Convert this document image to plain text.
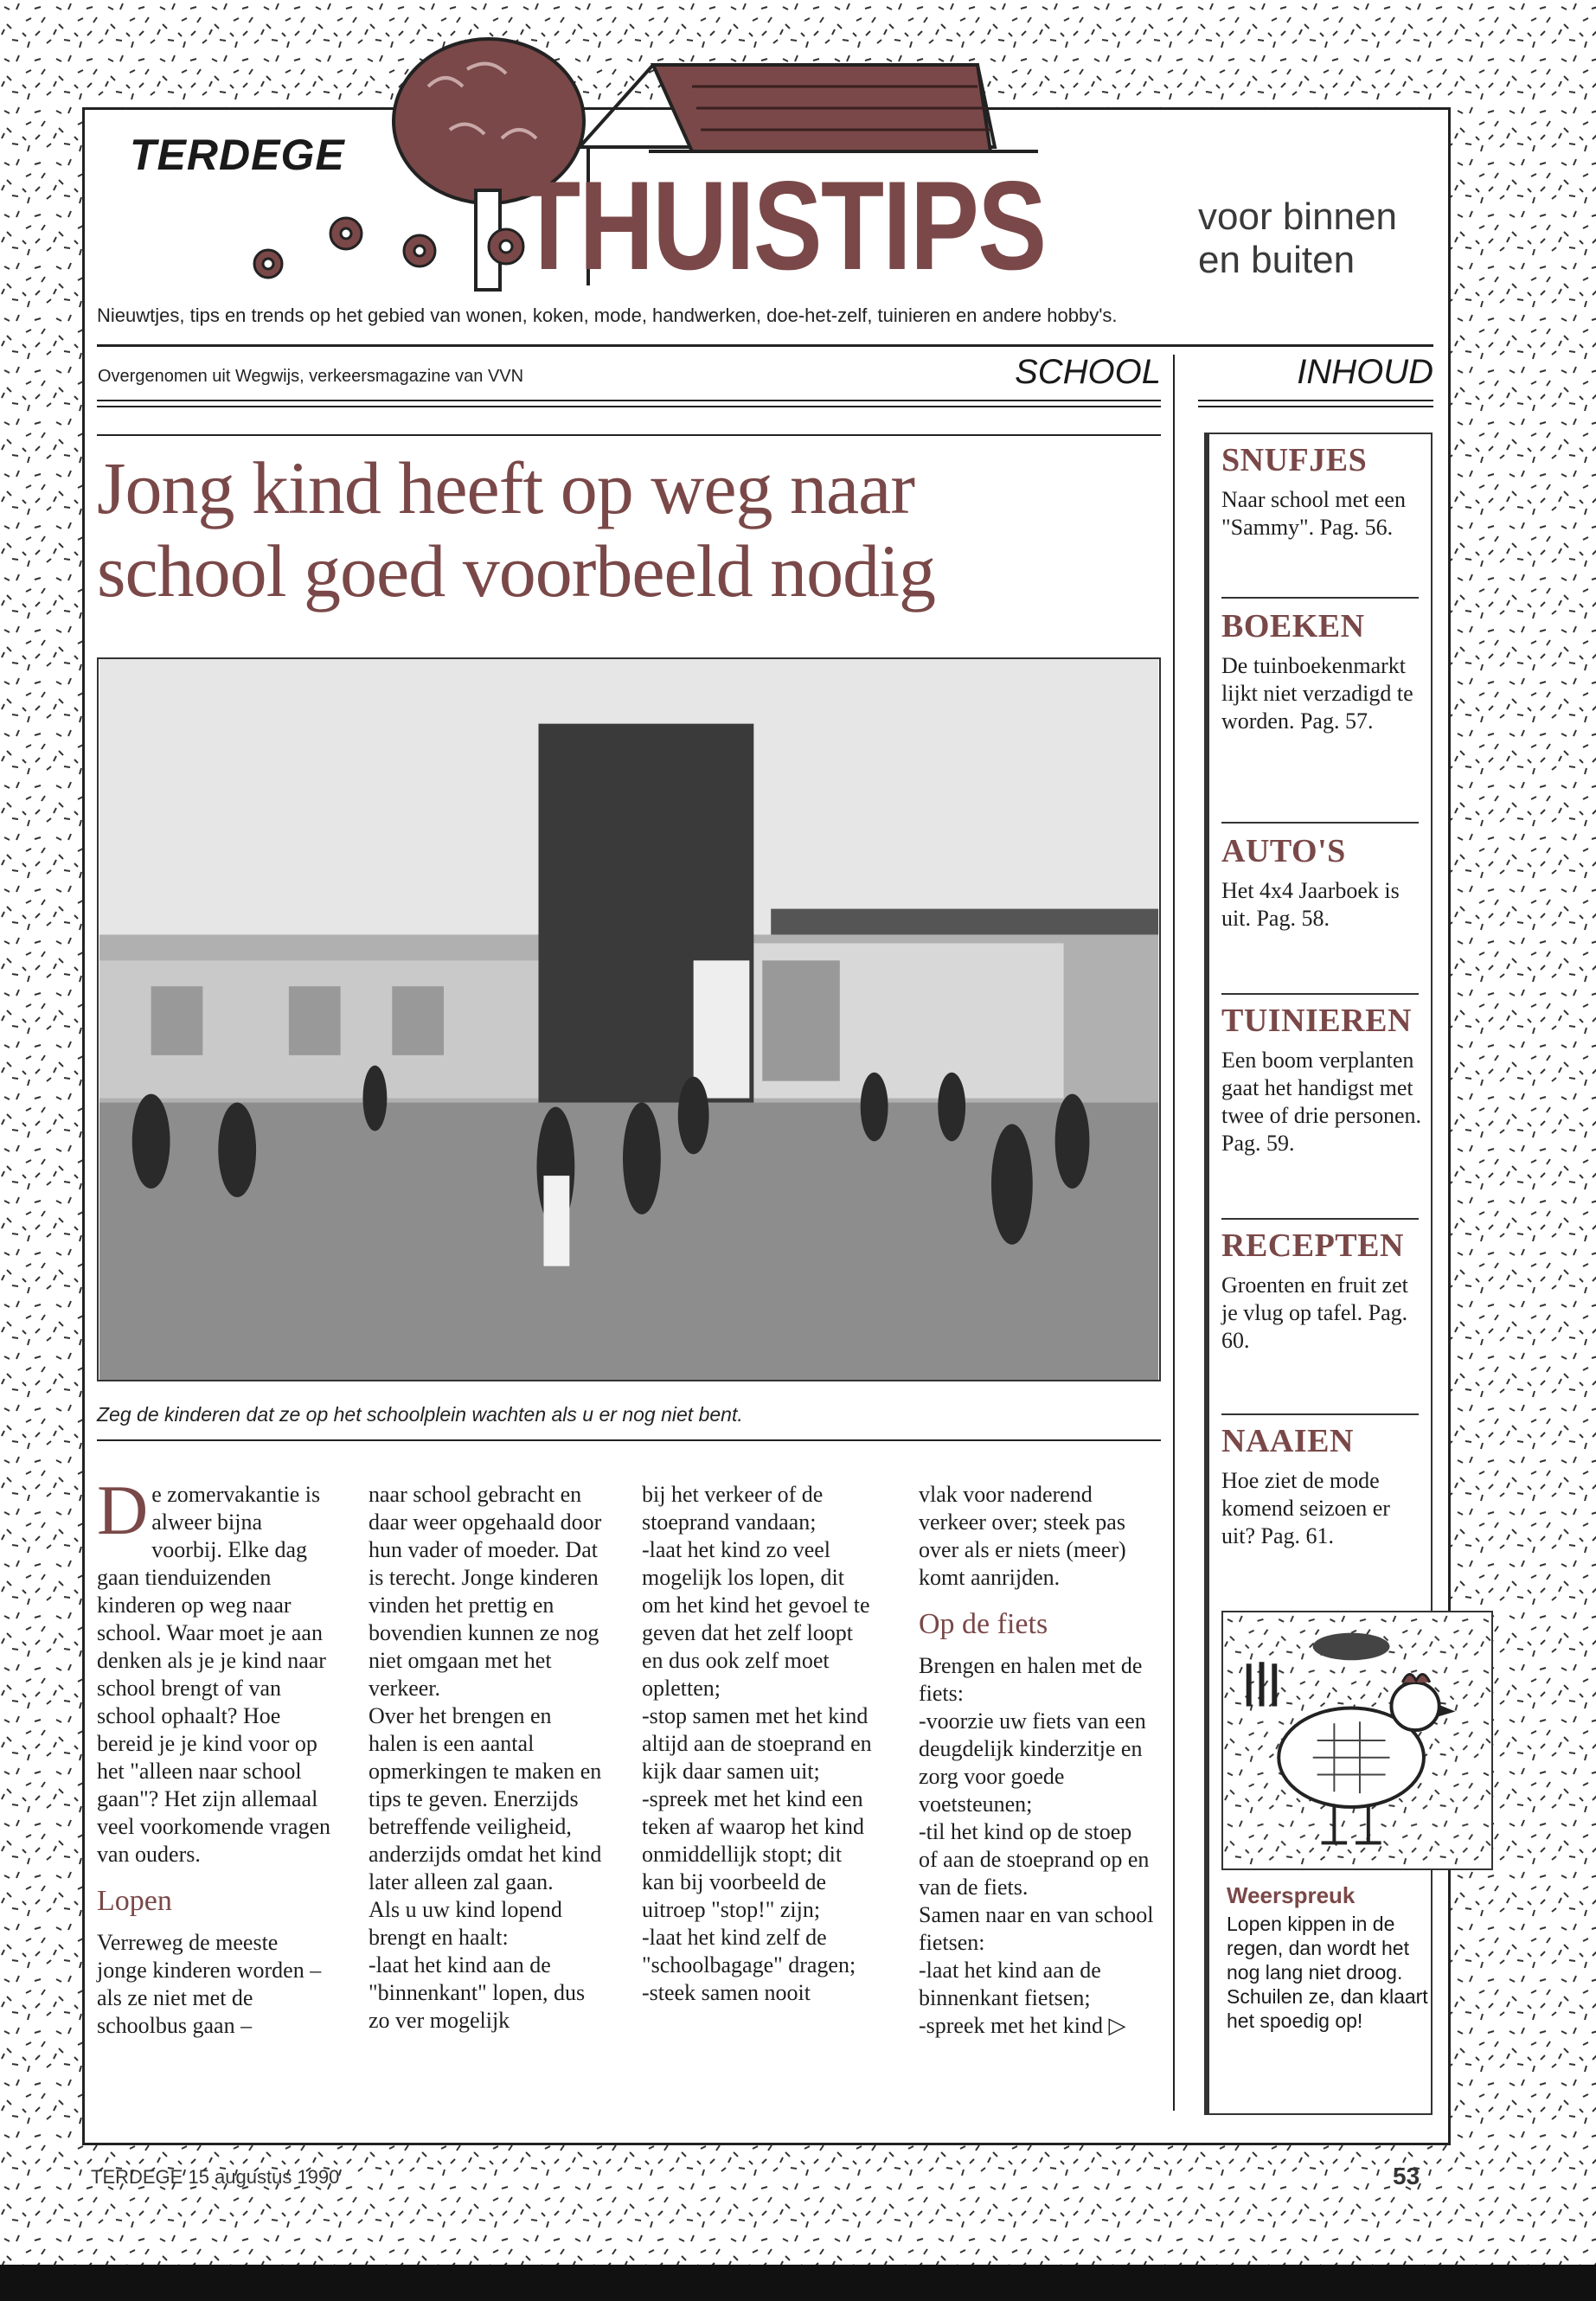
TERDEGE THUISTIPS	voor binnen
en buiten
Nieuwtjes, tips en trends op het gebied van wonen, koken, mode, handwerken, doe-het-zelf, tuinieren en andere hobby's.
Overgenomen uit Wegwijs, verkeersmagazine van VVN	SCHOOL	INHOUD
Jong kind heeft op weg naar
school goed voorbeeld nodig
Zeg de kinderen dat ze op het schoolplein wachten als u er nog niet bent.

De zomervakantie is alweer bijna voorbij. Elke dag gaan tienduizenden kinderen op weg naar school. Waar moet je aan denken als je je kind naar school brengt of van school ophaalt? Hoe bereid je je kind voor op het "alleen naar school gaan"? Het zijn allemaal veel voorkomende vragen van ouders.

Lopen

Verreweg de meeste jonge kinderen worden – als ze niet met de schoolbus gaan –

naar school gebracht en daar weer opgehaald door hun vader of moeder. Dat is terecht. Jonge kinderen vinden het prettig en bovendien kunnen ze nog niet omgaan met het verkeer.

Over het brengen en halen is een aantal opmerkingen te maken en tips te geven. Enerzijds betreffende veiligheid, anderzijds omdat het kind later alleen zal gaan.

Als u uw kind lopend brengt en haalt:

-laat het kind aan de "binnenkant" lopen, dus zo ver mogelijk

bij het verkeer of de stoeprand vandaan;

-laat het kind zo veel mogelijk los lopen, dit om het kind het gevoel te geven dat het zelf loopt en dus ook zelf moet opletten;

-stop samen met het kind altijd aan de stoeprand en kijk daar samen uit;

-spreek met het kind een teken af waarop het kind onmiddellijk stopt; dit kan bij voorbeeld de uitroep "stop!" zijn;

-laat het kind zelf de "schoolbagage" dragen;

-steek samen nooit

vlak voor naderend verkeer over; steek pas over als er niets (meer) komt aanrijden.

Op de fiets

Brengen en halen met de fiets:

-voorzie uw fiets van een deugdelijk kinderzitje en zorg voor goede voetsteunen;

-til het kind op de stoep of aan de stoeprand op en van de fiets.

Samen naar en van school fietsen:

-laat het kind aan de binnenkant fietsen;

-spreek met het kind ▷

SNUFJES
Naar school met een "Sammy". Pag. 56.
BOEKEN
De tuinboekenmarkt lijkt niet verzadigd te worden. Pag. 57.
AUTO'S
Het 4x4 Jaarboek is uit. Pag. 58.
TUINIEREN
Een boom verplanten gaat het handigst met twee of drie personen. Pag. 59.
RECEPTEN
Groenten en fruit zet je vlug op tafel. Pag. 60.
NAAIEN
Hoe ziet de mode komend seizoen er uit? Pag. 61.
Weerspreuk
Lopen kippen in de regen, dan wordt het nog lang niet droog. Schuilen ze, dan klaart het spoedig op!
TERDEGE 15 augustus 1990	53
